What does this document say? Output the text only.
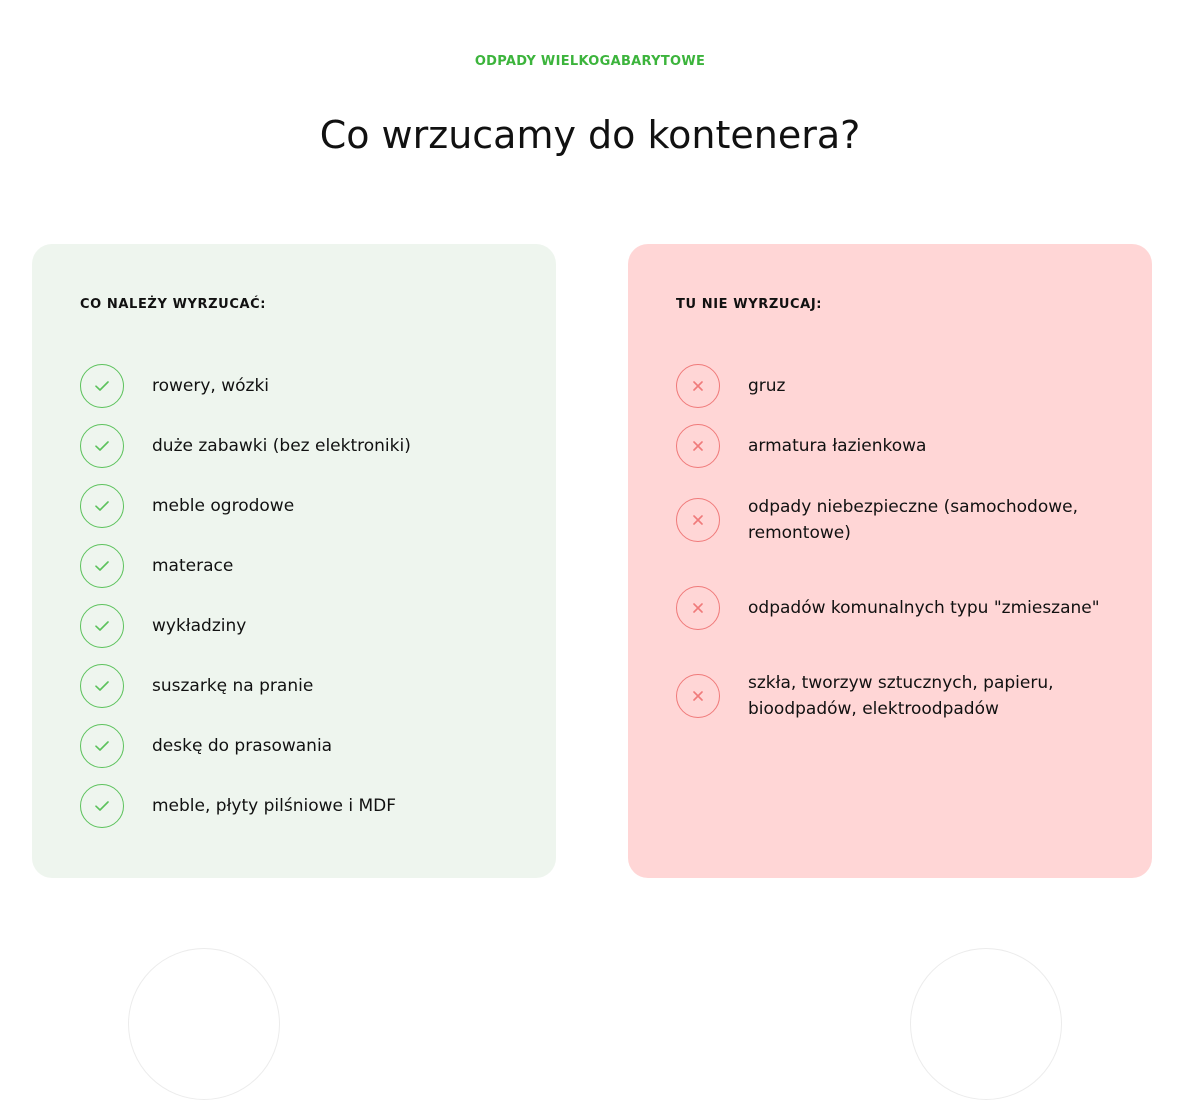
ODPADY WIELKOGABARYTOWE
Co wrzucamy do kontenera?
CO NALEŻY WYRZUCAĆ:
rowery, wózki
duże zabawki (bez elektroniki)
meble ogrodowe
materace
wykładziny
suszarkę na pranie
deskę do prasowania
meble, płyty pilśniowe i MDF
TU NIE WYRZUCAJ:
gruz
armatura łazienkowa
odpady niebezpieczne (samochodowe, remontowe)
odpadów komunalnych typu "zmieszane"
szkła, tworzyw sztucznych, papieru, bioodpadów, elektroodpadów
